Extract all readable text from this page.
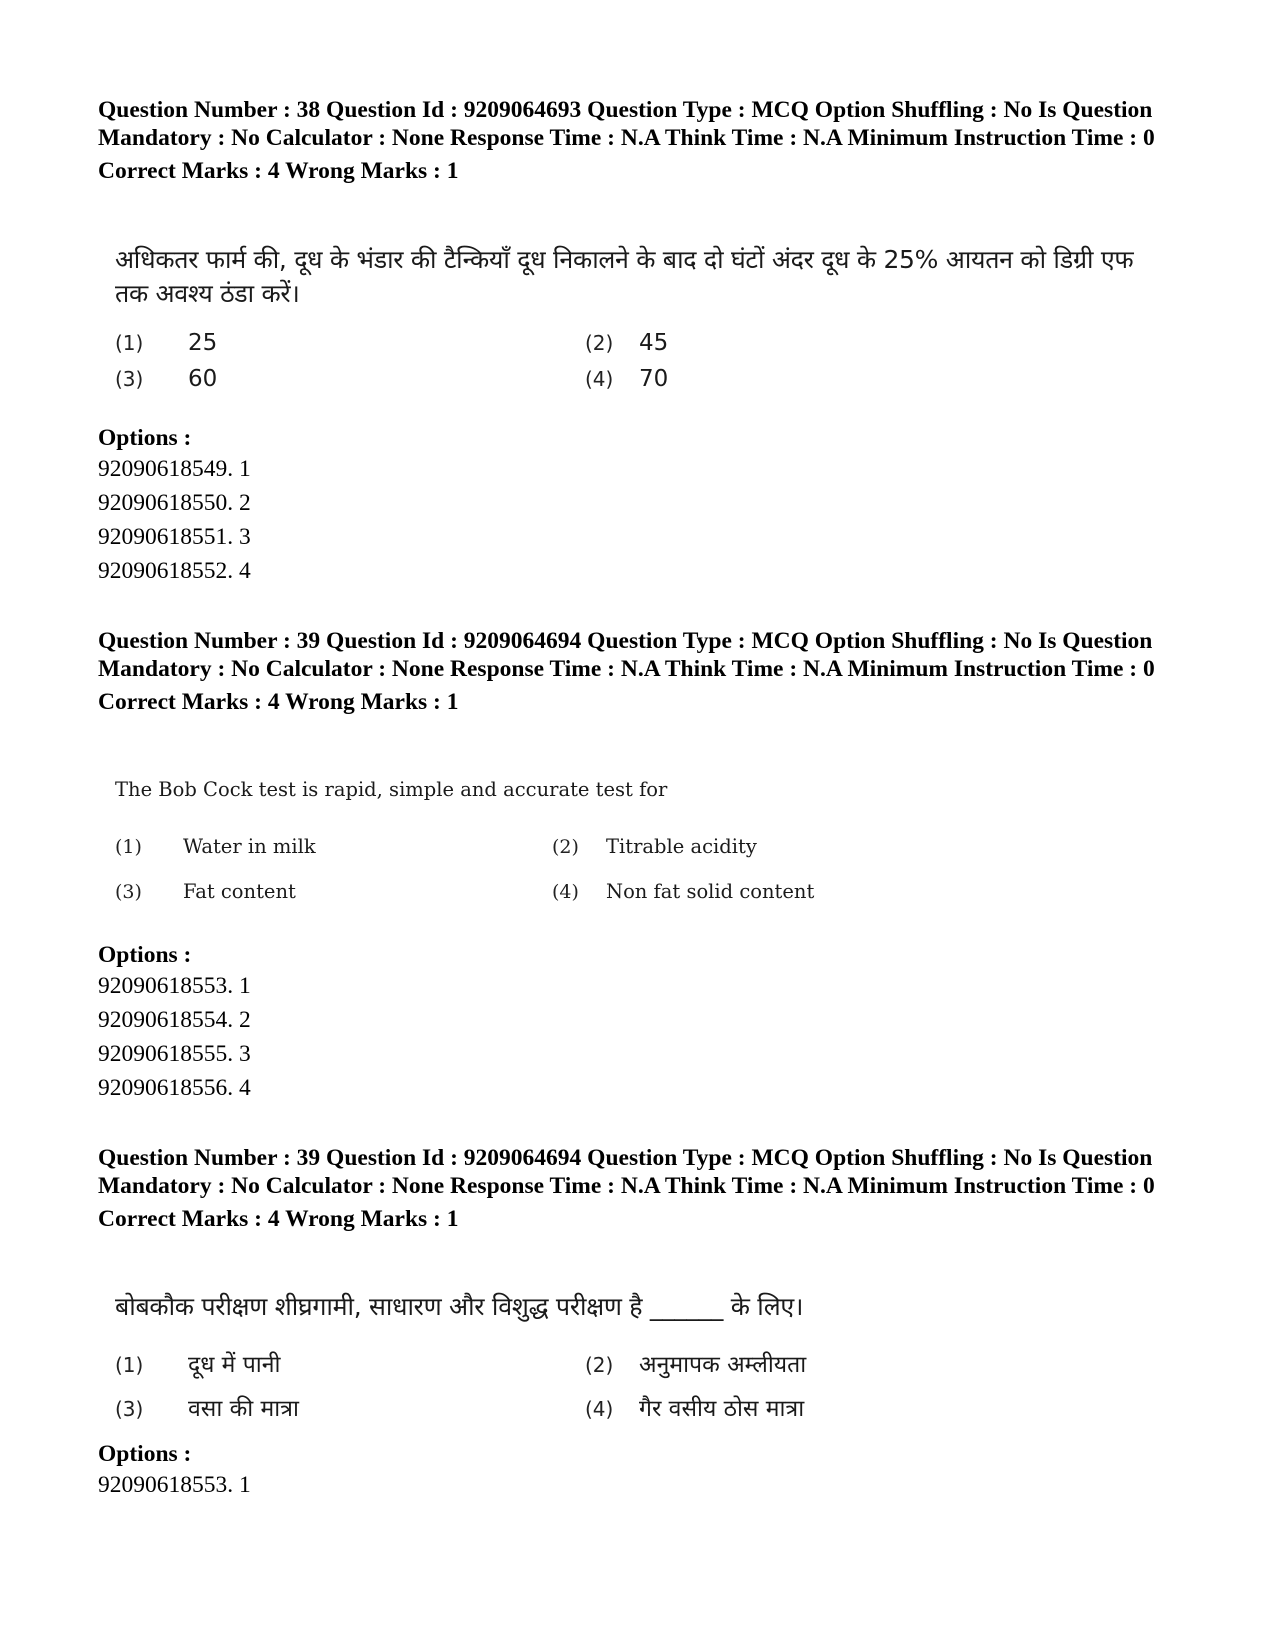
Question Number : 38 Question Id : 9209064693 Question Type : MCQ Option Shuffling : No Is Question Mandatory : No Calculator : None Response Time : N.A Think Time : N.A Minimum Instruction Time : 0

Correct Marks : 4 Wrong Marks : 1
अधिकतर फार्म की, दूध के भंडार की टैन्कियाँ दूध निकालने के बाद दो घंटों अंदर दूध के 25% आयतन को डिग्री एफ तक अवश्य ठंडा करें।
(1)	25	(2)	45
(3)	60	(4)	70
Options :
92090618549. 1
92090618550. 2
92090618551. 3
92090618552. 4

Question Number : 39 Question Id : 9209064694 Question Type : MCQ Option Shuffling : No Is Question Mandatory : No Calculator : None Response Time : N.A Think Time : N.A Minimum Instruction Time : 0

Correct Marks : 4 Wrong Marks : 1
The Bob Cock test is rapid, simple and accurate test for
(1)	Water in milk	(2)	Titrable acidity
(3)	Fat content	(4)	Non fat solid content
Options :
92090618553. 1
92090618554. 2
92090618555. 3
92090618556. 4

Question Number : 39 Question Id : 9209064694 Question Type : MCQ Option Shuffling : No Is Question Mandatory : No Calculator : None Response Time : N.A Think Time : N.A Minimum Instruction Time : 0

Correct Marks : 4 Wrong Marks : 1
बोबकौक परीक्षण शीघ्रगामी, साधारण और विशुद्ध परीक्षण है ______ के लिए।
(1)	दूध में पानी	(2)	अनुमापक अम्लीयता
(3)	वसा की मात्रा	(4)	गैर वसीय ठोस मात्रा
Options :
92090618553. 1
